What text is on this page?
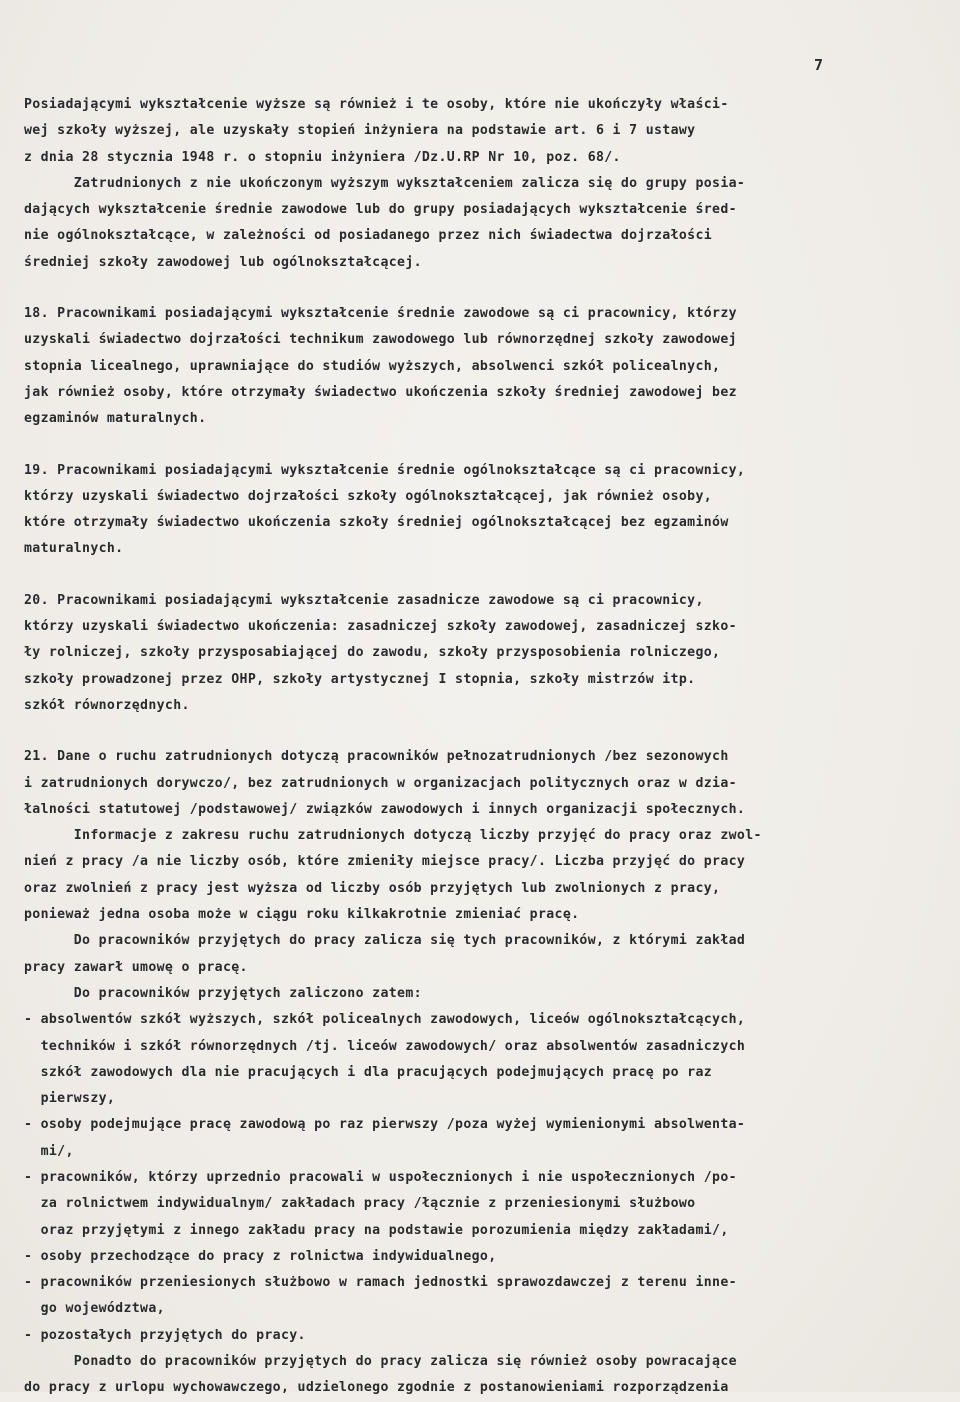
7
Posiadającymi wykształcenie wyższe są również i te osoby, które nie ukończyły właści-
wej szkoły wyższej, ale uzyskały stopień inżyniera na podstawie art. 6 i 7 ustawy
z dnia 28 stycznia 1948 r. o stopniu inżyniera /Dz.U.RP Nr 10, poz. 68/.
Zatrudnionych z nie ukończonym wyższym wykształceniem zalicza się do grupy posia-
dających wykształcenie średnie zawodowe lub do grupy posiadających wykształcenie śred-
nie ogólnokształcące, w zależności od posiadanego przez nich świadectwa dojrzałości
średniej szkoły zawodowej lub ogólnokształcącej.
18. Pracownikami posiadającymi wykształcenie średnie zawodowe są ci pracownicy, którzy
uzyskali świadectwo dojrzałości technikum zawodowego lub równorzędnej szkoły zawodowej
stopnia licealnego, uprawniające do studiów wyższych, absolwenci szkół policealnych,
jak również osoby, które otrzymały świadectwo ukończenia szkoły średniej zawodowej bez
egzaminów maturalnych.
19. Pracownikami posiadającymi wykształcenie średnie ogólnokształcące są ci pracownicy,
którzy uzyskali świadectwo dojrzałości szkoły ogólnokształcącej, jak również osoby,
które otrzymały świadectwo ukończenia szkoły średniej ogólnokształcącej bez egzaminów
maturalnych.
20. Pracownikami posiadającymi wykształcenie zasadnicze zawodowe są ci pracownicy,
którzy uzyskali świadectwo ukończenia: zasadniczej szkoły zawodowej, zasadniczej szko-
ły rolniczej, szkoły przysposabiającej do zawodu, szkoły przysposobienia rolniczego,
szkoły prowadzonej przez OHP, szkoły artystycznej I stopnia, szkoły mistrzów itp.
szkół równorzędnych.
21. Dane o ruchu zatrudnionych dotyczą pracowników pełnozatrudnionych /bez sezonowych
i zatrudnionych dorywczo/, bez zatrudnionych w organizacjach politycznych oraz w dzia-
łalności statutowej /podstawowej/ związków zawodowych i innych organizacji społecznych.
Informacje z zakresu ruchu zatrudnionych dotyczą liczby przyjęć do pracy oraz zwol-
nień z pracy /a nie liczby osób, które zmieniły miejsce pracy/. Liczba przyjęć do pracy
oraz zwolnień z pracy jest wyższa od liczby osób przyjętych lub zwolnionych z pracy,
ponieważ jedna osoba może w ciągu roku kilkakrotnie zmieniać pracę.
Do pracowników przyjętych do pracy zalicza się tych pracowników, z którymi zakład
pracy zawarł umowę o pracę.
Do pracowników przyjętych zaliczono zatem:
- absolwentów szkół wyższych, szkół policealnych zawodowych, liceów ogólnokształcących,
techników i szkół równorzędnych /tj. liceów zawodowych/ oraz absolwentów zasadniczych
szkół zawodowych dla nie pracujących i dla pracujących podejmujących pracę po raz
pierwszy,
- osoby podejmujące pracę zawodową po raz pierwszy /poza wyżej wymienionymi absolwenta-
mi/,
- pracowników, którzy uprzednio pracowali w uspołecznionych i nie uspołecznionych /po-
za rolnictwem indywidualnym/ zakładach pracy /łącznie z przeniesionymi służbowo
oraz przyjętymi z innego zakładu pracy na podstawie porozumienia między zakładami/,
- osoby przechodzące do pracy z rolnictwa indywidualnego,
- pracowników przeniesionych służbowo w ramach jednostki sprawozdawczej z terenu inne-
go województwa,
- pozostałych przyjętych do pracy.
Ponadto do pracowników przyjętych do pracy zalicza się również osoby powracające
do pracy z urlopu wychowawczego, udzielonego zgodnie z postanowieniami rozporządzenia
